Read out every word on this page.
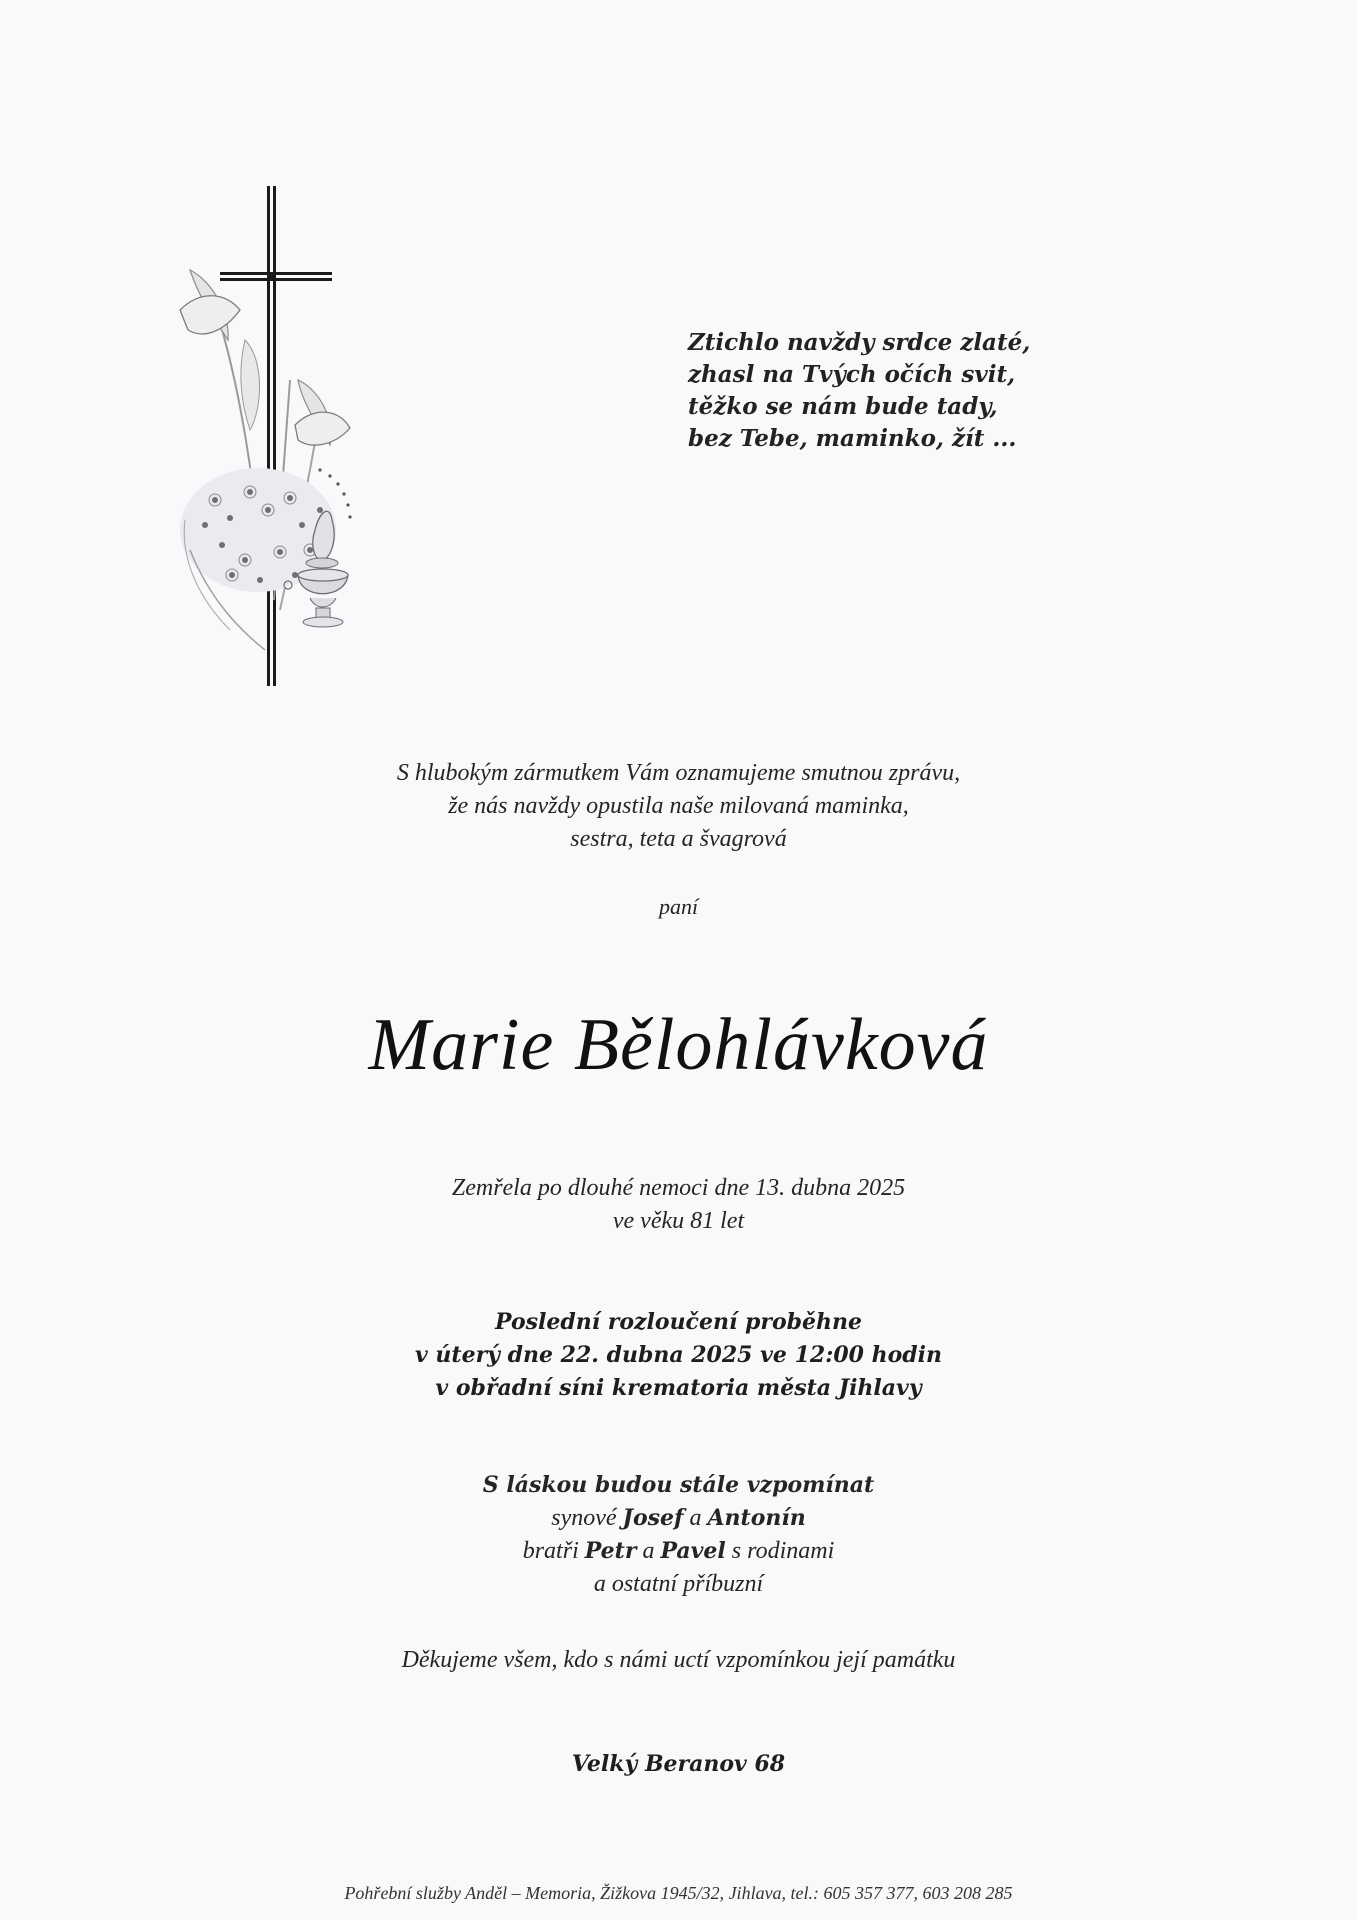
Ztichlo navždy srdce zlaté,
zhasl na Tvých očích svit,
těžko se nám bude tady,
bez Tebe, maminko, žít ...
S hlubokým zármutkem Vám oznamujeme smutnou zprávu,
že nás navždy opustila naše milovaná maminka,
sestra, teta a švagrová
paní
Marie Bělohlávková
Zemřela po dlouhé nemoci dne 13. dubna 2025
ve věku 81 let
Poslední rozloučení proběhne
v úterý dne 22. dubna 2025 ve 12:00 hodin
v obřadní síni krematoria města Jihlavy
S láskou budou stále vzpomínat
synové Josef a Antonín
bratři Petr a Pavel s rodinami
a ostatní příbuzní
Děkujeme všem, kdo s námi uctí vzpomínkou její památku
Velký Beranov 68
Pohřební služby Anděl – Memoria, Žižkova 1945/32, Jihlava, tel.: 605 357 377, 603 208 285
